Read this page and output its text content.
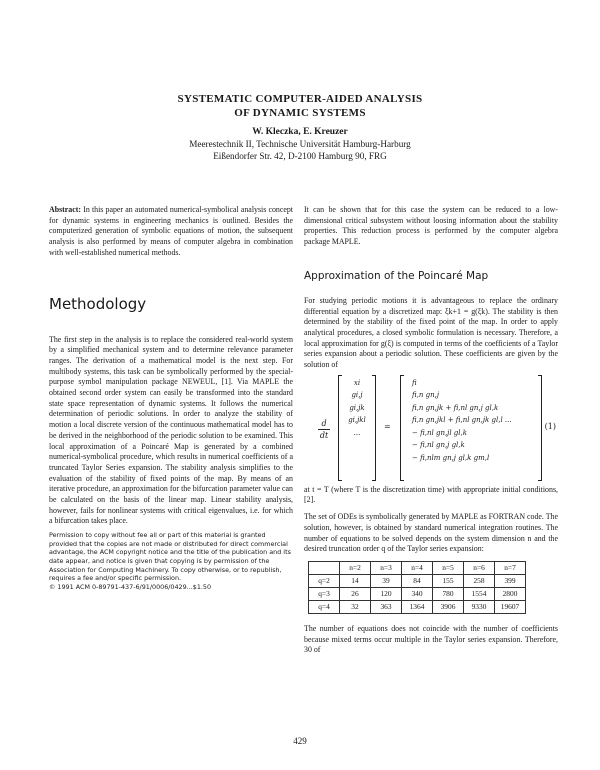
SYSTEMATIC COMPUTER-AIDED ANALYSIS
OF DYNAMIC SYSTEMS
W. Kleczka, E. Kreuzer
Meerestechnik II, Technische Universität Hamburg-Harburg
Eißendorfer Str. 42, D-2100 Hamburg 90, FRG

Abstract: In this paper an automated numerical-symbolical analysis concept for dynamic systems in engineering mechanics is outlined. Besides the computerized generation of symbolic equations of motion, the subsequent analysis is also performed by means of computer algebra in combination with well-established numerical methods.

Methodology

The first step in the analysis is to replace the considered real-world system by a simplified mechanical system and to determine relevance parameter ranges. The derivation of a mathematical model is the next step. For multibody systems, this task can be symbolically performed by the special-purpose symbol manipulation package NEWEUL, [1]. Via MAPLE the obtained second order system can easily be transformed into the standard state space representation of dynamic systems. It follows the numerical determination of periodic solutions. In order to analyze the stability of motion a local discrete version of the continuous mathematical model has to be derived in the neighborhood of the periodic solution to be examined. This local approximation of a Poincaré Map is generated by a combined numerical-symbolical procedure, which results in numerical coefficients of a truncated Taylor Series expansion. The stability analysis simplifies to the evaluation of the stability of fixed points of the map. By means of an iterative procedure, an approximation for the bifurcation parameter value can be calculated on the basis of the linear map. Linear stability analysis, however, fails for nonlinear systems with critical eigenvalues, i.e. for which a bifurcation takes place.

Permission to copy without fee all or part of this material is granted provided that the copies are not made or distributed for direct commercial advantage, the ACM copyright notice and the title of the publication and its date appear, and notice is given that copying is by permission of the Association for Computing Machinery. To copy otherwise, or to republish, requires a fee and/or specific permission.

© 1991 ACM 0-89791-437-6/91/0006/0429...$1.50

It can be shown that for this case the system can be reduced to a low-dimensional critical subsystem without loosing information about the stability properties. This reduction process is performed by the computer algebra package MAPLE.

Approximation of the Poincaré Map

For studying periodic motions it is advantageous to replace the ordinary differential equation by a discretized map: ξk+1 = g(ξk). The stability is then determined by the stability of the fixed point of the map. In order to apply analytical procedures, a closed symbolic formulation is necessary. Therefore, a local approximation for g(ξ) is computed in terms of the coefficients of a Taylor series expansion about a periodic solution. These coefficients are given by the solution of

d
dt
xi
gi,j
gi,jk
gi,jkl
...
=
fi
fi,n gn,j
fi,n gn,jk + fi,nl gn,j gl,k
fi,n gn,jkl + fi,nl gn,jk gl,l ...
− fi,nl gn,jl gl,k
− fi,nl gn,j gl,k
− fi,nlm gn,j gl,k gm,l
(1)

at t = T (where T is the discretization time) with appropriate initial conditions, [2].

The set of ODEs is symbolically generated by MAPLE as FORTRAN code. The solution, however, is obtained by standard numerical integration routines. The number of equations to be solved depends on the system dimension n and the desired truncation order q of the Taylor series expansion:

	n=2	n=3	n=4	n=5	n=6	n=7
q=2	14	39	84	155	258	399
q=3	26	120	340	780	1554	2800
q=4	32	363	1364	3906	9330	19607

The number of equations does not coincide with the number of coefficients because mixed terms occur multiple in the Taylor series expansion. Therefore, 30 of

429
